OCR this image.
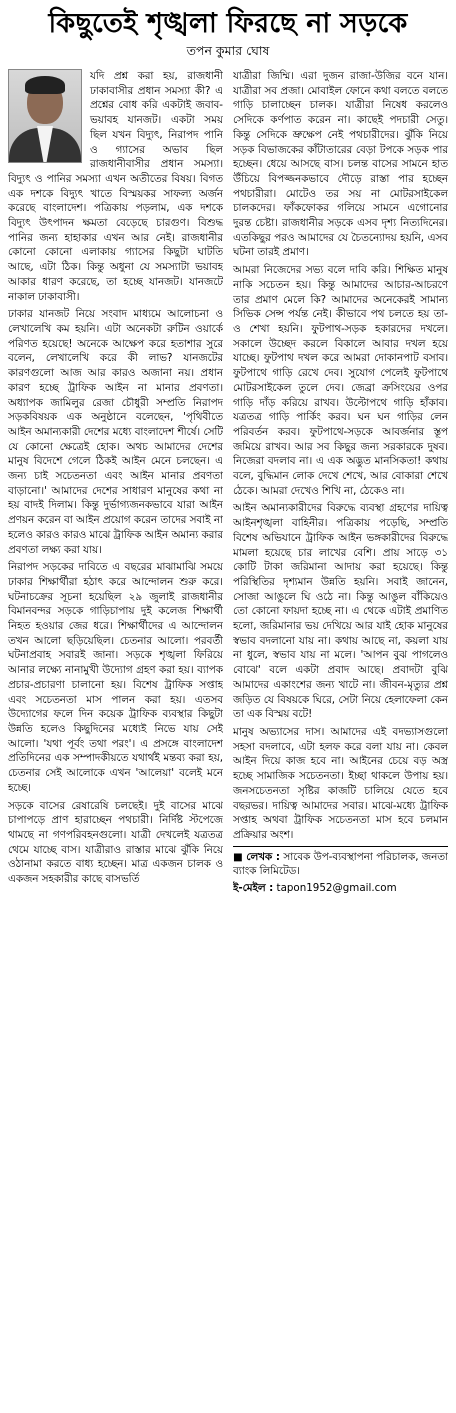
কিছুতেই শৃঙ্খলা ফিরছে না সড়কে
তপন কুমার ঘোষ

যদি প্রশ্ন করা হয়, রাজধানী ঢাকাবাসীর প্রধান সমস্যা কী? এ প্রশ্নের বোধ করি একটাই জবাব-ভয়াবহ যানজট। একটা সময় ছিল যখন বিদ্যুৎ, নিরাপদ পানি ও গ্যাসের অভাব ছিল রাজধানীবাসীর প্রধান সমস্যা। বিদ্যুৎ ও পানির সমস্যা এখন অতীতের বিষয়। বিগত এক দশকে বিদ্যুৎ খাতে বিস্ময়কর সাফল্য অর্জন করেছে বাংলাদেশ। পত্রিকায় পড়লাম, এক দশকে বিদ্যুৎ উৎপাদন ক্ষমতা বেড়েছে চারগুণ। বিশুদ্ধ পানির জন্য হাহাকার এখন আর নেই। রাজধানীর কোনো কোনো এলাকায় গ্যাসের কিছুটা ঘাটতি আছে, এটা ঠিক। কিন্তু অধুনা যে সমস্যাটা ভয়াবহ আকার ধারণ করেছে, তা হচ্ছে যানজট। যানজটে নাকাল ঢাকাবাসী।

ঢাকার যানজট নিয়ে সংবাদ মাধ্যমে আলোচনা ও লেখালেখি কম হয়নি। এটা অনেকটা রুটিন ওয়ার্কে পরিণত হয়েছে! অনেকে আক্ষেপ করে হতাশার সুরে বলেন, লেখালেখি করে কী লাভ? যানজটের কারণগুলো আজ আর কারও অজানা নয়। প্রধান কারণ হচ্ছে ট্রাফিক আইন না মানার প্রবণতা। অধ্যাপক জামিলুর রেজা চৌধুরী সম্প্রতি নিরাপদ সড়কবিষয়ক এক অনুষ্ঠানে বলেছেন, 'পৃথিবীতে আইন অমান্যকারী দেশের মধ্যে বাংলাদেশ শীর্ষে। সেটি যে কোনো ক্ষেত্রেই হোক। অথচ আমাদের দেশের মানুষ বিদেশে গেলে ঠিকই আইন মেনে চলছেন। এ জন্য চাই সচেতনতা এবং আইন মানার প্রবণতা বাড়ানো।' আমাদের দেশের সাধারণ মানুষের কথা না হয় বাদই দিলাম। কিন্তু দুর্ভাগ্যজনকভাবে যারা আইন প্রণয়ন করেন বা আইন প্রয়োগ করেন তাদের সবাই না হলেও কারও কারও মাঝে ট্রাফিক আইন অমান্য করার প্রবণতা লক্ষ্য করা যায়।

নিরাপদ সড়কের দাবিতে এ বছরের মাঝামাঝি সময়ে ঢাকার শিক্ষার্থীরা হঠাৎ করে আন্দোলন শুরু করে। ঘটনাচক্রের সূচনা হয়েছিল ২৯ জুলাই রাজধানীর বিমানবন্দর সড়কে গাড়িচাপায় দুই কলেজ শিক্ষার্থী নিহত হওয়ার জের ধরে। শিক্ষার্থীদের এ আন্দোলন তখন আলো ছড়িয়েছিল। চেতনার আলো। পরবর্তী ঘটনাপ্রবাহ সবারই জানা। সড়কে শৃঙ্খলা ফিরিয়ে আনার লক্ষ্যে নানামুখী উদ্যোগ গ্রহণ করা হয়। ব্যাপক প্রচার-প্রচারণা চালানো হয়। বিশেষ ট্রাফিক সপ্তাহ এবং সচেতনতা মাস পালন করা হয়। এতসব উদ্যোগের ফলে দিন কয়েক ট্রাফিক ব্যবস্থার কিছুটা উন্নতি হলেও কিছুদিনের মধ্যেই নিভে যায় সেই আলো। 'যথা পূর্বং তথা পরং'। এ প্রসঙ্গে বাংলাদেশ প্রতিদিনের এক সম্পাদকীয়তে যথার্থই মন্তব্য করা হয়, চেতনার সেই আলোকে এখন 'আলেয়া' বলেই মনে হচ্ছে।

সড়কে বাসের রেষারেষি চলছেই। দুই বাসের মাঝে চাপাপড়ে প্রাণ হারাচ্ছেন পথচারী। নির্দিষ্ট স্টপেজে থামছে না গণপরিবহনগুলো। যাত্রী দেখলেই যত্রতত্র থেমে যাচ্ছে বাস। যাত্রীরাও রাস্তার মাঝে ঝুঁকি নিয়ে ওঠানামা করতে বাধ্য হচ্ছেন। মাত্র একজন চালক ও একজন সহকারীর কাছে বাসভর্তি

যাত্রীরা জিম্মি। এরা দুজন রাজা-উজির বনে যান। যাত্রীরা সব প্রজা। মোবাইল ফোনে কথা বলতে বলতে গাড়ি চালাচ্ছেন চালক। যাত্রীরা নিষেধ করলেও সেদিকে কর্ণপাত করেন না। কাছেই পদচারী সেতু। কিন্তু সেদিকে ভ্রুক্ষেপ নেই পথচারীদের। ঝুঁকি নিয়ে সড়ক বিভাজকের কাঁটাতারের বেড়া টপকে সড়ক পার হচ্ছেন। ধেয়ে আসছে বাস। চলন্ত বাসের সামনে হাত উঁচিয়ে বিপজ্জনকভাবে দৌড়ে রাস্তা পার হচ্ছেন পথচারীরা। মোটেও তর সয় না মোটরসাইকেল চালকদের। ফাঁকফোকর গলিয়ে সামনে এগোনোর দুরন্ত চেষ্টা। রাজধানীর সড়কে এসব দৃশ্য নিত্যদিনের। এতকিছুর পরও আমাদের যে চৈতন্যোদয় হয়নি, এসব ঘটনা তারই প্রমাণ।

আমরা নিজেদের সভ্য বলে দাবি করি। শিক্ষিত মানুষ নাকি সচেতন হয়। কিন্তু আমাদের আচার-আচরণে তার প্রমাণ মেলে কি? আমাদের অনেকেরই সামান্য সিভিক সেন্স পর্যন্ত নেই। কীভাবে পথ চলতে হয় তা-ও শেখা হয়নি। ফুটপাথ-সড়ক হকারদের দখলে। সকালে উচ্ছেদ করলে বিকালে আবার দখল হয়ে যাচ্ছে। ফুটপাথ দখল করে আমরা দোকানপাট বসাব। ফুটপাথে গাড়ি রেখে দেব। সুযোগ পেলেই ফুটপাথে মোটরসাইকেল তুলে দেব। জেব্রা ক্রসিংয়ের ওপর গাড়ি দাঁড় করিয়ে রাখব। উল্টোপথে গাড়ি হাঁকাব। যত্রতত্র গাড়ি পার্কিং করব। ঘন ঘন গাড়ির লেন পরিবর্তন করব। ফুটপাথে-সড়কে আবর্জনার স্তূপ জমিয়ে রাখব। আর সব কিছুর জন্য সরকারকে দুষব। নিজেরা বদলাব না। এ এক অদ্ভুত মানসিকতা! কথায় বলে, বুদ্ধিমান লোক দেখে শেখে, আর বোকারা শেখে ঠেকে। আমরা দেখেও শিখি না, ঠেকেও না।

আইন অমান্যকারীদের বিরুদ্ধে ব্যবস্থা গ্রহণের দায়িত্ব আইনশৃঙ্খলা বাহিনীর। পত্রিকায় পড়েছি, সম্প্রতি বিশেষ অভিযানে ট্রাফিক আইন ভঙ্গকারীদের বিরুদ্ধে মামলা হয়েছে চার লাখের বেশি। প্রায় সাড়ে ৩১ কোটি টাকা জরিমানা আদায় করা হয়েছে। কিন্তু পরিস্থিতির দৃশ্যমান উন্নতি হয়নি। সবাই জানেন, সোজা আঙুলে ঘি ওঠে না। কিন্তু আঙুল বাঁকিয়েও তো কোনো ফায়দা হচ্ছে না। এ থেকে এটাই প্রমাণিত হলো, জরিমানার ভয় দেখিয়ে আর যাই হোক মানুষের স্বভাব বদলানো যায় না। কথায় আছে না, কয়লা যায় না ধুলে, স্বভাব যায় না মলে। 'আপন বুঝ পাগলেও বোঝে' বলে একটা প্রবাদ আছে। প্রবাদটা বুঝি আমাদের একাংশের জন্য খাটে না। জীবন-মৃত্যুর প্রশ্ন জড়িত যে বিষয়কে ঘিরে, সেটা নিয়ে হেলাফেলা কেন তা এক বিস্ময় বটে!

মানুষ অভ্যাসের দাস। আমাদের এই বদভ্যাসগুলো সহসা বদলাবে, এটা হলফ করে বলা যায় না। কেবল আইন দিয়ে কাজ হবে না। আইনের চেয়ে বড় অস্ত্র হচ্ছে সামাজিক সচেতনতা। ইচ্ছা থাকলে উপায় হয়। জনসচেতনতা সৃষ্টির কাজটি চালিয়ে যেতে হবে বছরভর। দায়িত্ব আমাদের সবার। মাঝে-মধ্যে ট্রাফিক সপ্তাহ অথবা ট্রাফিক সচেতনতা মাস হবে চলমান প্রক্রিয়ার অংশ।

■ লেখক : সাবেক উপ-ব্যবস্থাপনা পরিচালক, জনতা ব্যাংক লিমিটেড।
ই-মেইল : tapon1952@gmail.com
